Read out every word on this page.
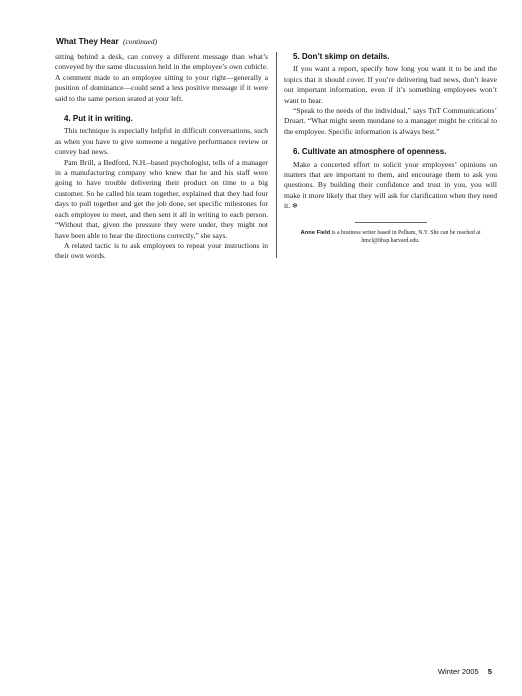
What They Hear (continued)

sitting behind a desk, can convey a different message than what’s conveyed by the same discussion held in the employee’s own cubicle. A comment made to an employee sitting to your right—generally a position of dominance—could send a less positive message if it were said to the same person seated at your left.

4. Put it in writing.

This technique is especially helpful in difficult conversations, such as when you have to give someone a negative performance review or convey bad news.

Pam Brill, a Bedford, N.H.–based psychologist, tells of a manager in a manufacturing company who knew that he and his staff were going to have trouble delivering their product on time to a big customer. So he called his team together, explained that they had four days to pull together and get the job done, set specific milestones for each employee to meet, and then sent it all in writing to each person. “Without that, given the pressure they were under, they might not have been able to hear the directions correctly,” she says.

A related tactic is to ask employees to repeat your instructions in their own words.

5. Don’t skimp on details.

If you want a report, specify how long you want it to be and the topics that it should cover. If you’re delivering bad news, don’t leave out important information, even if it’s something employees won’t want to hear.

“Speak to the needs of the individual,” says TnT Communications’ Druart. “What might seem mundane to a manager might be critical to the employee. Specific information is always best.”

6. Cultivate an atmosphere of openness.

Make a concerted effort to solicit your employees’ opinions on matters that are important to them, and encourage them to ask you questions. By building their confidence and trust in you, you will make it more likely that they will ask for clarification when they need it. ❄

Anne Field is a business writer based in Pelham, N.Y. She can be reached at hmcl@hbsp.harvard.edu.
Winter 2005 5
